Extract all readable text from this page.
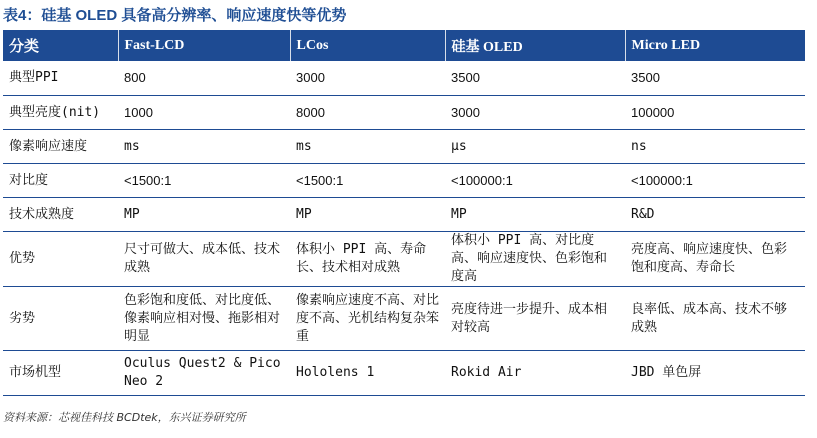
表4：硅基 OLED 具备高分辨率、响应速度快等优势
分类	Fast-LCD	LCos	硅基 OLED	Micro LED
典型PPI	800	3000	3500	3500
典型亮度(nit)	1000	8000	3000	100000
像素响应速度	ms	ms	μs	ns
对比度	<1500:1	<1500:1	<100000:1	<100000:1
技术成熟度	MP	MP	MP	R&D
优势	尺寸可做大、成本低、技术成熟	体积小 PPI 高、寿命长、技术相对成熟	体积小 PPI 高、对比度高、响应速度快、色彩饱和度高	亮度高、响应速度快、色彩饱和度高、寿命长
劣势	色彩饱和度低、对比度低、像素响应相对慢、拖影相对明显	像素响应速度不高、对比度不高、光机结构复杂笨重	亮度待进一步提升、成本相对较高	良率低、成本高、技术不够成熟
市场机型	Oculus Quest2 & Pico Neo 2	Hololens 1	Rokid Air	JBD 单色屏
资料来源：芯视佳科技 BCDtek，东兴证券研究所
